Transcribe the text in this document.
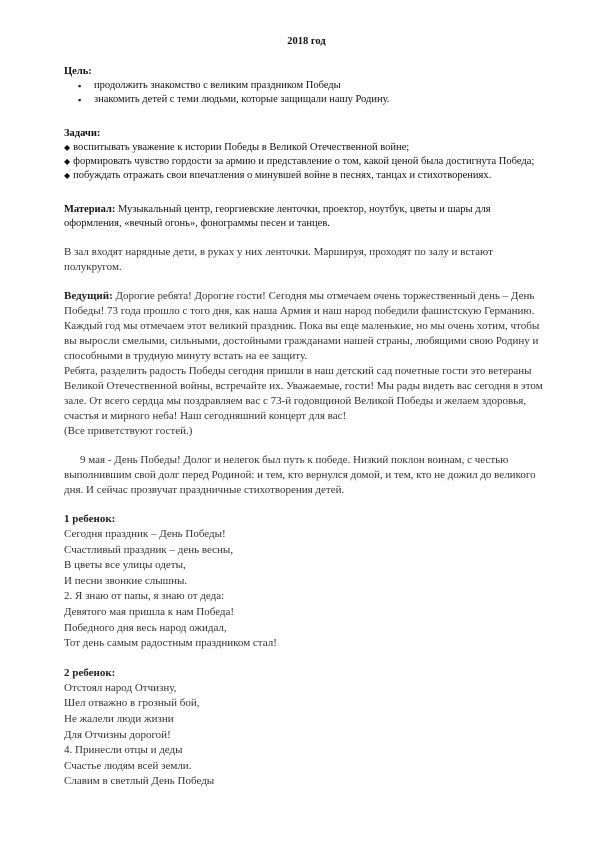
2018 год
Цель:
▪ продолжить знакомство с великим праздником Победы
▪ знакомить детей с теми людьми, которые защищали нашу Родину.
Задачи:
◆ воспитывать уважение к истории Победы в Великой Отечественной войне;
◆ формировать чувство гордости за армию и представление о том, какой ценой была достигнута Победа;
◆ побуждать отражать свои впечатления о минувшей войне в песнях, танцах и стихотворениях.
Материал: Музыкальный центр, георгиевские ленточки, проектор, ноутбук, цветы и шары для оформления, «вечный огонь», фонограммы песен и танцев.

В зал входят нарядные дети, в руках у них ленточки. Маршируя, проходят по залу и встают полукругом.

Ведущий: Дорогие ребята! Дорогие гости! Сегодня мы отмечаем очень торжественный день – День Победы! 73 года прошло с того дня, как наша Армия и наш народ победили фашистскую Германию. Каждый год мы отмечаем этот великий праздник. Пока вы еще маленькие, но мы очень хотим, чтобы вы выросли смелыми, сильными, достойными гражданами нашей страны, любящими свою Родину и способными в трудную минуту встать на ее защиту.

Ребята, разделить радость Победы сегодня пришли в наш детский сад почетные гости это ветераны Великой Отечественной войны, встречайте их. Уважаемые, гости! Мы рады видеть вас сегодня в этом зале. От всего сердца мы поздравляем вас с 73-й годовщиной Великой Победы и желаем здоровья, счастья и мирного неба! Наш сегодняшний концерт для вас!

(Все приветствуют гостей.)

9 мая - День Победы! Долог и нелегок был путь к победе. Низкий поклон воинам, с честью выполнившим свой долг перед Родиной: и тем, кто вернулся домой, и тем, кто не дожил до великого дня. И сейчас прозвучат праздничные стихотворения детей.

1 ребенок:
Сегодня праздник – День Победы!
Счастливый праздник – день весны,
В цветы все улицы одеты,
И песни звонкие слышны.
2. Я знаю от папы, я знаю от деда:
Девятого мая пришла к нам Победа!
Победного дня весь народ ожидал,
Тот день самым радостным праздником стал!
2 ребенок:
Отстоял народ Отчизну,
Шел отважно в грозный бой,
Не жалели люди жизни
Для Отчизны дорогой!
4. Принесли отцы и деды
Счастье людям всей земли.
Славим в светлый День Победы
